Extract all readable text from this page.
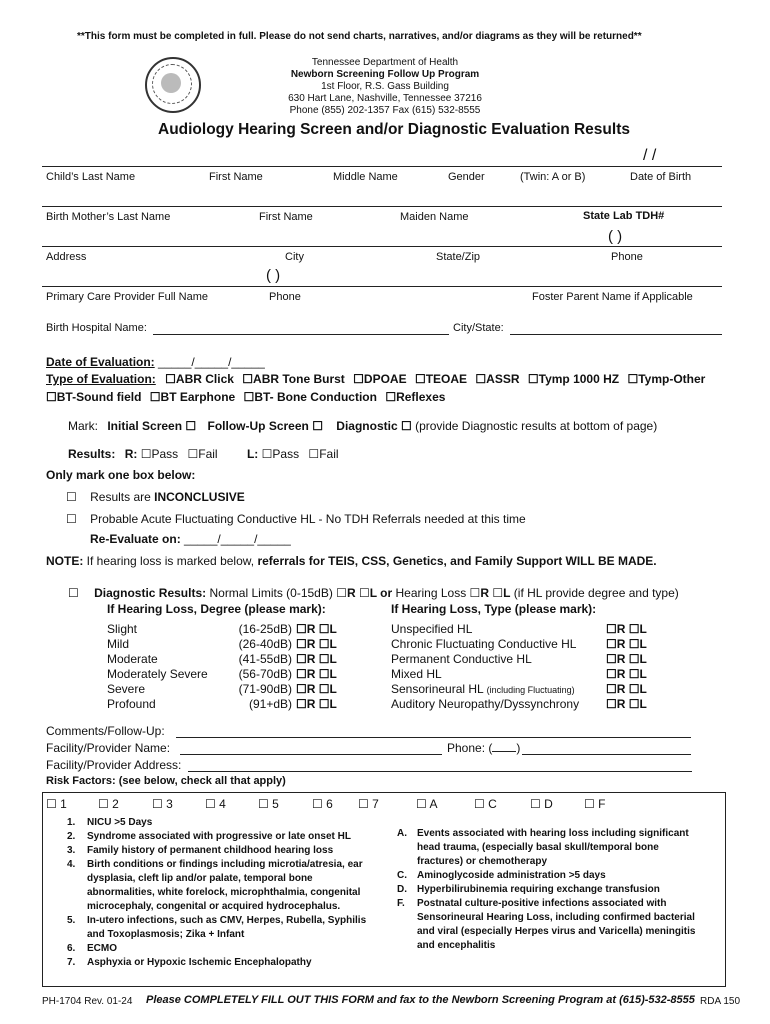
**This form must be completed in full. Please do not send charts, narratives, and/or diagrams as they will be returned**
Tennessee Department of Health
Newborn Screening Follow Up Program
1st Floor, R.S. Gass Building
630 Hart Lane, Nashville, Tennessee 37216
Phone (855) 202-1357 Fax (615) 532-8555
Audiology Hearing Screen and/or Diagnostic Evaluation Results
/ /
Child’s Last Name	First Name	Middle Name	Gender	(Twin: A or B)	Date of Birth
Birth Mother’s Last Name	First Name	Maiden Name	State Lab TDH#
( )
Address	City	State/Zip	Phone
( )
Primary Care Provider Full Name	Phone	Foster Parent Name if Applicable
Birth Hospital Name:	City/State:
Date of Evaluation: _____/_____/_____
Type of Evaluation: ☐ABR Click ☐ABR Tone Burst ☐DPOAE ☐TEOAE ☐ASSR ☐Tymp 1000 HZ ☐Tymp-Other
☐BT-Sound field ☐BT Earphone ☐BT- Bone Conduction ☐Reflexes
Mark: Initial Screen ☐ Follow-Up Screen ☐ Diagnostic ☐ (provide Diagnostic results at bottom of page)
Results: R: ☐Pass ☐Fail L: ☐Pass ☐Fail
Only mark one box below:
☐ Results are INCONCLUSIVE
☐ Probable Acute Fluctuating Conductive HL - No TDH Referrals needed at this time
Re-Evaluate on: _____/_____/_____
NOTE: If hearing loss is marked below, referrals for TEIS, CSS, Genetics, and Family Support WILL BE MADE.
☐ Diagnostic Results: Normal Limits (0-15dB) ☐R ☐L or Hearing Loss ☐R ☐L (if HL provide degree and type)
If Hearing Loss, Degree (please mark):	If Hearing Loss, Type (please mark):
Comments/Follow-Up:
Facility/Provider Name:	Phone: ( )
Facility/Provider Address:
Risk Factors: (see below, check all that apply)
1.	NICU >5 Days
2.	Syndrome associated with progressive or late onset HL
3.	Family history of permanent childhood hearing loss
4.	Birth conditions or findings including microtia/atresia, ear dysplasia, cleft lip and/or palate, temporal bone abnormalities, white forelock, microphthalmia, congenital microcephaly, congenital or acquired hydrocephalus.
5.	In-utero infections, such as CMV, Herpes, Rubella, Syphilis and Toxoplasmosis; Zika + Infant
6.	ECMO
7.	Asphyxia or Hypoxic Ischemic Encephalopathy
A.	Events associated with hearing loss including significant head trauma, (especially basal skull/temporal bone fractures) or chemotherapy
C.	Aminoglycoside administration >5 days
D.	Hyperbilirubinemia requiring exchange transfusion
F.	Postnatal culture-positive infections associated with Sensorineural Hearing Loss, including confirmed bacterial and viral (especially Herpes virus and Varicella) meningitis and encephalitis
PH-1704 Rev. 01-24 Please COMPLETELY FILL OUT THIS FORM and fax to the Newborn Screening Program at (615)-532-8555 RDA 150
Slight	(16-25dB) ☐R ☐L
Mild	(26-40dB) ☐R ☐L
Moderate	(41-55dB) ☐R ☐L
Moderately Severe	(56-70dB) ☐R ☐L
Severe	(71-90dB) ☐R ☐L
Profound	(91+dB) ☐R ☐L
Unspecified HL	☐R ☐L
Chronic Fluctuating Conductive HL ☐R ☐L
Permanent Conductive HL	☐R ☐L
Mixed HL	☐R ☐L
Sensorineural HL (including Fluctuating)	☐R ☐L
Auditory Neuropathy/Dyssynchrony ☐R ☐L
☐ 1	☐ 2	☐ 3	☐ 4	☐ 5	☐ 6 ☐ 7	☐ A	☐ C	☐ D	☐ F
